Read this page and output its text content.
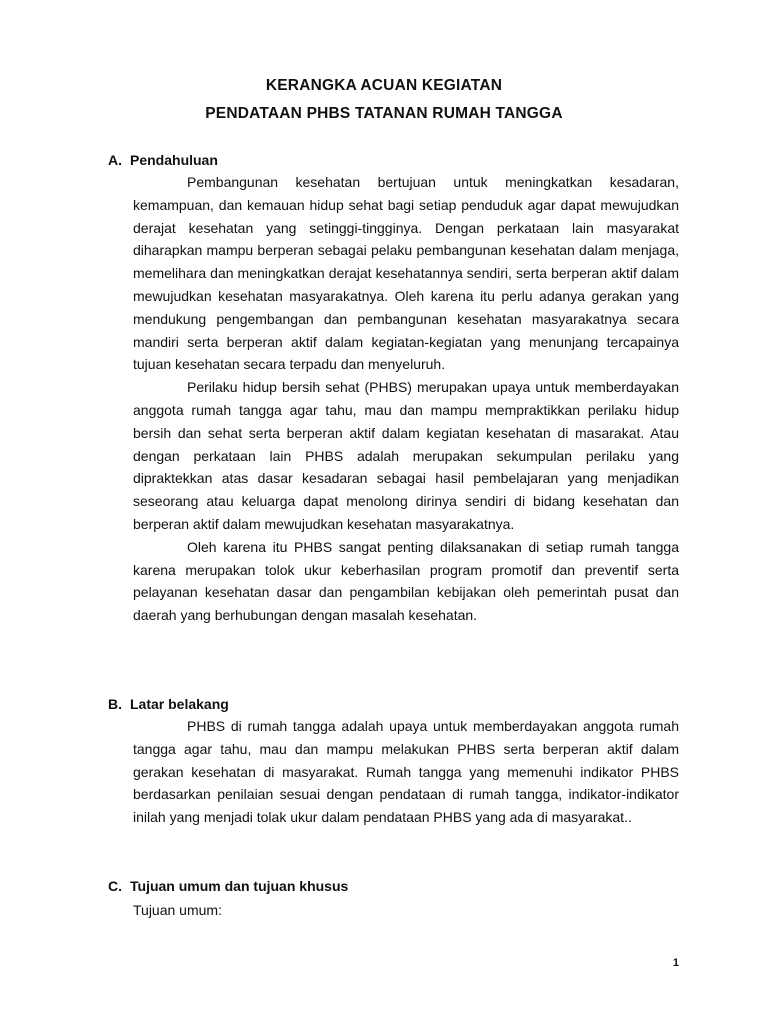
KERANGKA ACUAN KEGIATAN
PENDATAAN PHBS TATANAN RUMAH TANGGA
A. Pendahuluan

Pembangunan kesehatan bertujuan untuk meningkatkan kesadaran, kemampuan, dan kemauan hidup sehat bagi setiap penduduk agar dapat mewujudkan derajat kesehatan yang setinggi-tingginya. Dengan perkataan lain masyarakat diharapkan mampu berperan sebagai pelaku pembangunan kesehatan dalam menjaga, memelihara dan meningkatkan derajat kesehatannya sendiri, serta berperan aktif dalam mewujudkan kesehatan masyarakatnya. Oleh karena itu perlu adanya gerakan yang mendukung pengembangan dan pembangunan kesehatan masyarakatnya secara mandiri serta berperan aktif dalam kegiatan-kegiatan yang menunjang tercapainya tujuan kesehatan secara terpadu dan menyeluruh.

Perilaku hidup bersih sehat (PHBS) merupakan upaya untuk memberdayakan anggota rumah tangga agar tahu, mau dan mampu mempraktikkan perilaku hidup bersih dan sehat serta berperan aktif dalam kegiatan kesehatan di masarakat. Atau dengan perkataan lain PHBS adalah merupakan sekumpulan perilaku yang dipraktekkan atas dasar kesadaran sebagai hasil pembelajaran yang menjadikan seseorang atau keluarga dapat menolong dirinya sendiri di bidang kesehatan dan berperan aktif dalam mewujudkan kesehatan masyarakatnya.

Oleh karena itu PHBS sangat penting dilaksanakan di setiap rumah tangga karena merupakan tolok ukur keberhasilan program promotif dan preventif serta pelayanan kesehatan dasar dan pengambilan kebijakan oleh pemerintah pusat dan daerah yang berhubungan dengan masalah kesehatan.

B. Latar belakang

PHBS di rumah tangga adalah upaya untuk memberdayakan anggota rumah tangga agar tahu, mau dan mampu melakukan PHBS serta berperan aktif dalam gerakan kesehatan di masyarakat. Rumah tangga yang memenuhi indikator PHBS berdasarkan penilaian sesuai dengan pendataan di rumah tangga, indikator-indikator inilah yang menjadi tolak ukur dalam pendataan PHBS yang ada di masyarakat..

C. Tujuan umum dan tujuan khusus
Tujuan umum:
1
